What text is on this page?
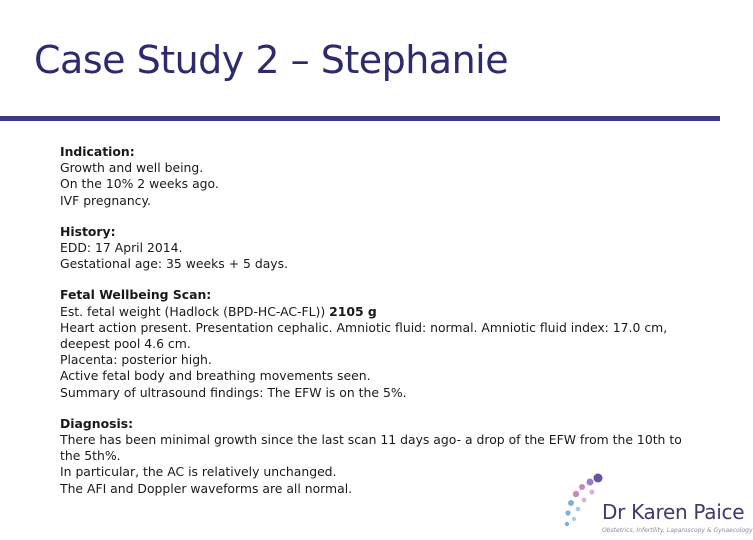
Case Study 2 – Stephanie
Indication:
Growth and well being.
On the 10% 2 weeks ago.
IVF pregnancy.
History:
EDD: 17 April 2014.
Gestational age: 35 weeks + 5 days.
Fetal Wellbeing Scan:
Est. fetal weight (Hadlock (BPD-HC-AC-FL)) 2105 g
Heart action present. Presentation cephalic. Amniotic fluid: normal. Amniotic fluid index: 17.0 cm, deepest pool 4.6 cm.
Placenta: posterior high.
Active fetal body and breathing movements seen.
Summary of ultrasound findings: The EFW is on the 5%.
Diagnosis:
There has been minimal growth since the last scan 11 days ago- a drop of the EFW from the 10th to the 5th%.
In particular, the AC is relatively unchanged.
The AFI and Doppler waveforms are all normal.
Dr Karen Paice
Obstetrics, Infertility, Laparoscopy & Gynaecology
